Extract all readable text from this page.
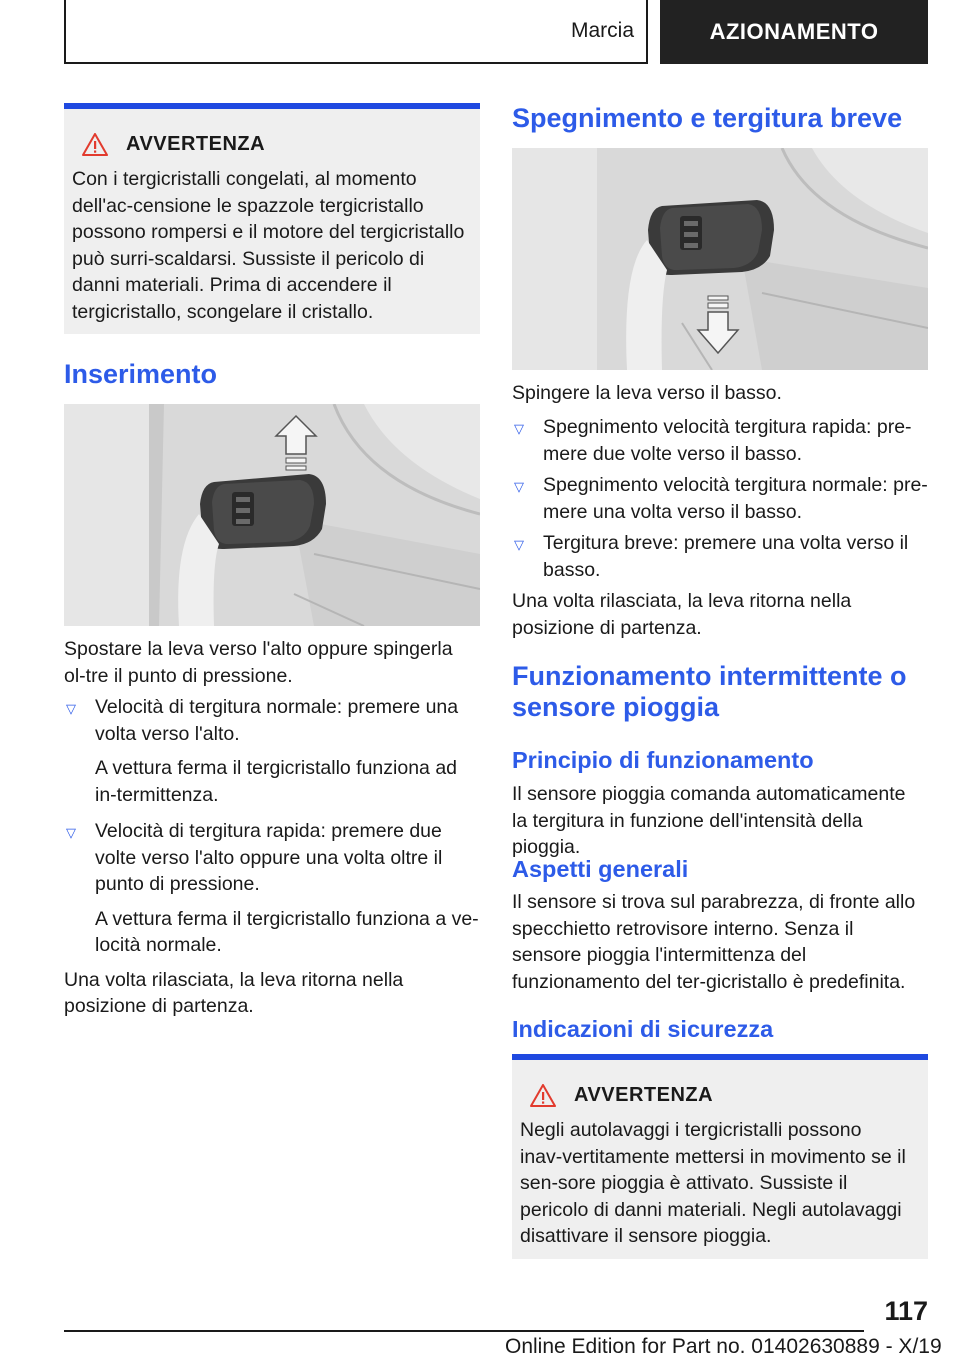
Marcia	AZIONAMENTO
AVVERTENZA

Con i tergicristalli congelati, al momento dell'ac-censione le spazzole tergicristallo possono rompersi e il motore del tergicristallo può surri-scaldarsi. Sussiste il pericolo di danni materiali. Prima di accendere il tergicristallo, scongelare il cristallo.

Inserimento

Spostare la leva verso l'alto oppure spingerla ol-tre il punto di pressione.

▽ Velocità di tergitura normale: premere una volta verso l'alto.

A vettura ferma il tergicristallo funziona ad in-termittenza.

▽ Velocità di tergitura rapida: premere due volte verso l'alto oppure una volta oltre il punto di pressione.

A vettura ferma il tergicristallo funziona a ve-locità normale.

Una volta rilasciata, la leva ritorna nella posizione di partenza.

Spegnimento e tergitura breve

Spingere la leva verso il basso.

▽ Spegnimento velocità tergitura rapida: pre-mere due volte verso il basso.

▽ Spegnimento velocità tergitura normale: pre-mere una volta verso il basso.

▽ Tergitura breve: premere una volta verso il basso.

Una volta rilasciata, la leva ritorna nella posizione di partenza.

Funzionamento intermittente o sensore pioggia
Principio di funzionamento

Il sensore pioggia comanda automaticamente la tergitura in funzione dell'intensità della pioggia.

Aspetti generali

Il sensore si trova sul parabrezza, di fronte allo specchietto retrovisore interno. Senza il sensore pioggia l'intermittenza del funzionamento del ter-gicristallo è predefinita.

Indicazioni di sicurezza
AVVERTENZA

Negli autolavaggi i tergicristalli possono inav-vertitamente mettersi in movimento se il sen-sore pioggia è attivato. Sussiste il pericolo di danni materiali. Negli autolavaggi disattivare il sensore pioggia.

117
Online Edition for Part no. 01402630889 - X/19
